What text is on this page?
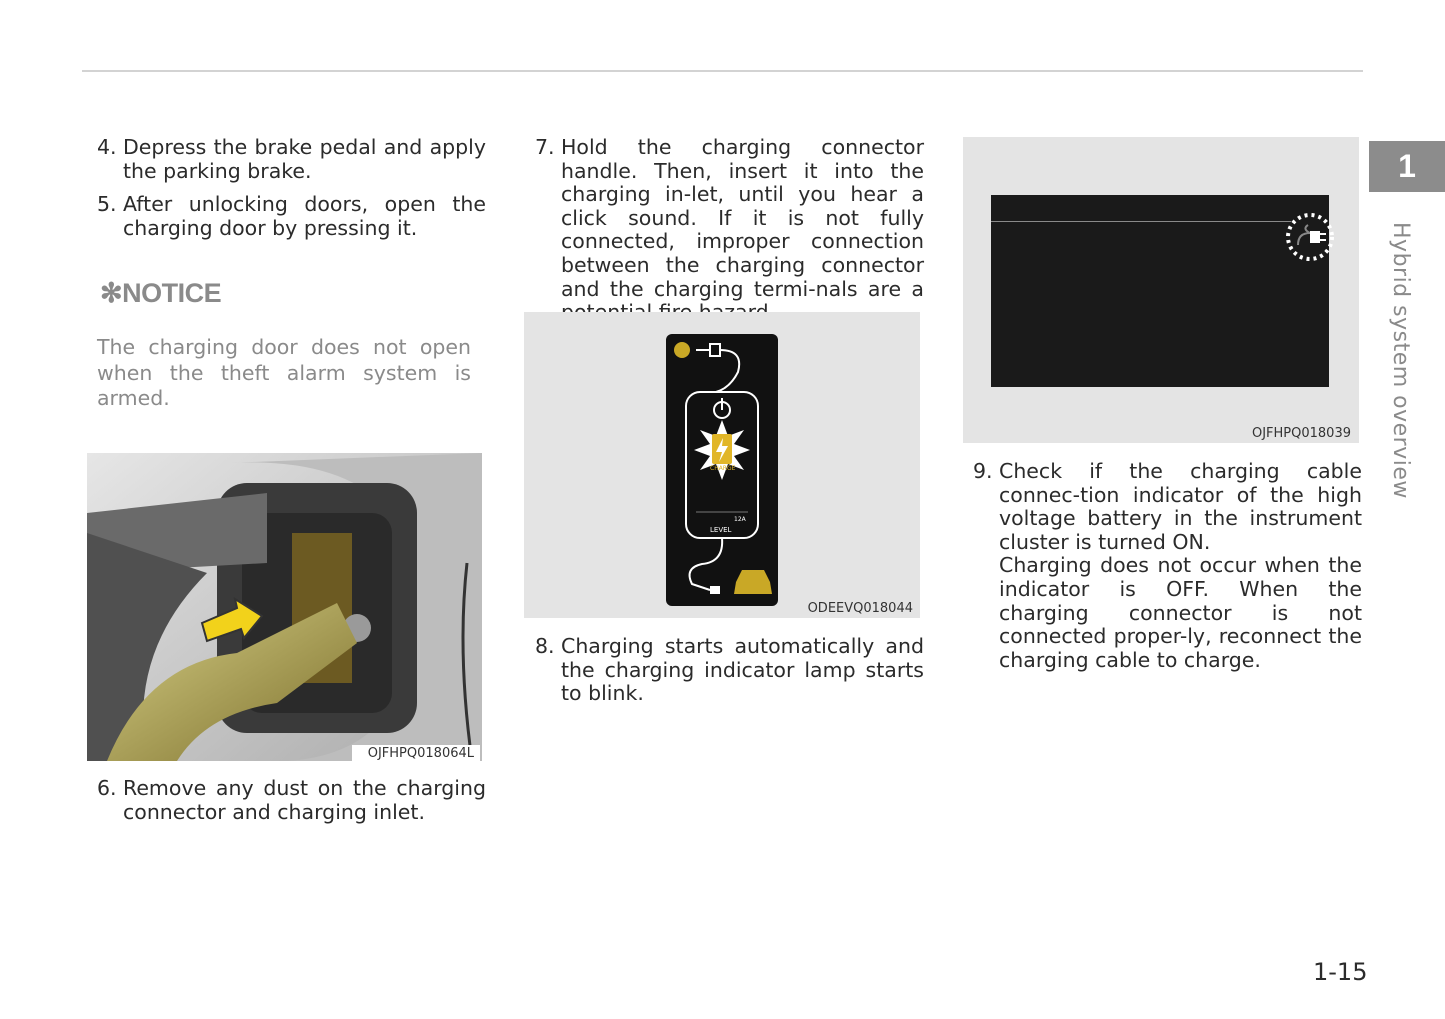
4. Depress the brake pedal and apply the parking brake.
5. After unlocking doors, open the charging door by pressing it.
✻NOTICE
The charging door does not open when the theft alarm system is armed.
OJFHPQ018064L
6. Remove any dust on the charging connector and charging inlet.
7. Hold the charging connector handle. Then, insert it into the charging in-let, until you hear a click sound. If it is not fully connected, improper connection between the charging connector and the charging termi-nals are a
CHARGE
12A
LEVEL
ODEEVQ018044
8. Charging starts automatically and the charging indicator lamp starts to blink.
OJFHPQ018039
9. Check if the charging cable connec-tion indicator of the high voltage battery in the instrument cluster is turned ON.
Charging does not occur when the indicator is OFF. When the charging connector is not connected proper-ly, reconnect the charging cable to charge.
1
Hybrid system overview
1-15
